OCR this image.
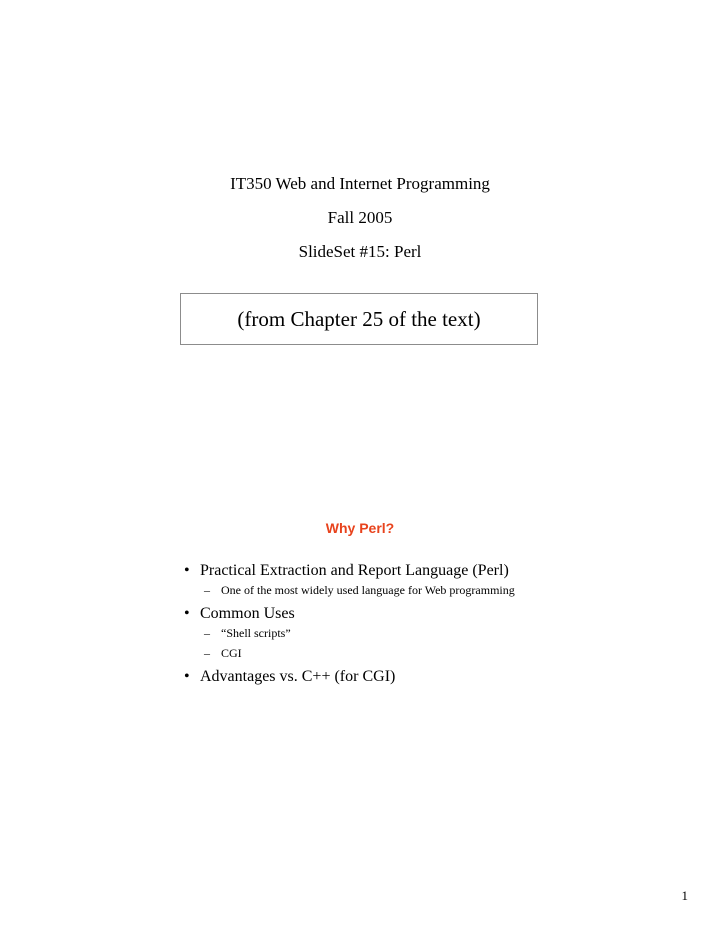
IT350 Web and Internet Programming
Fall 2005
SlideSet #15: Perl
(from Chapter 25 of the text)
Why Perl?
• Practical Extraction and Report Language (Perl)
– One of the most widely used language for Web programming
• Common Uses
– “Shell scripts”
– CGI
• Advantages vs. C++ (for CGI)
1
